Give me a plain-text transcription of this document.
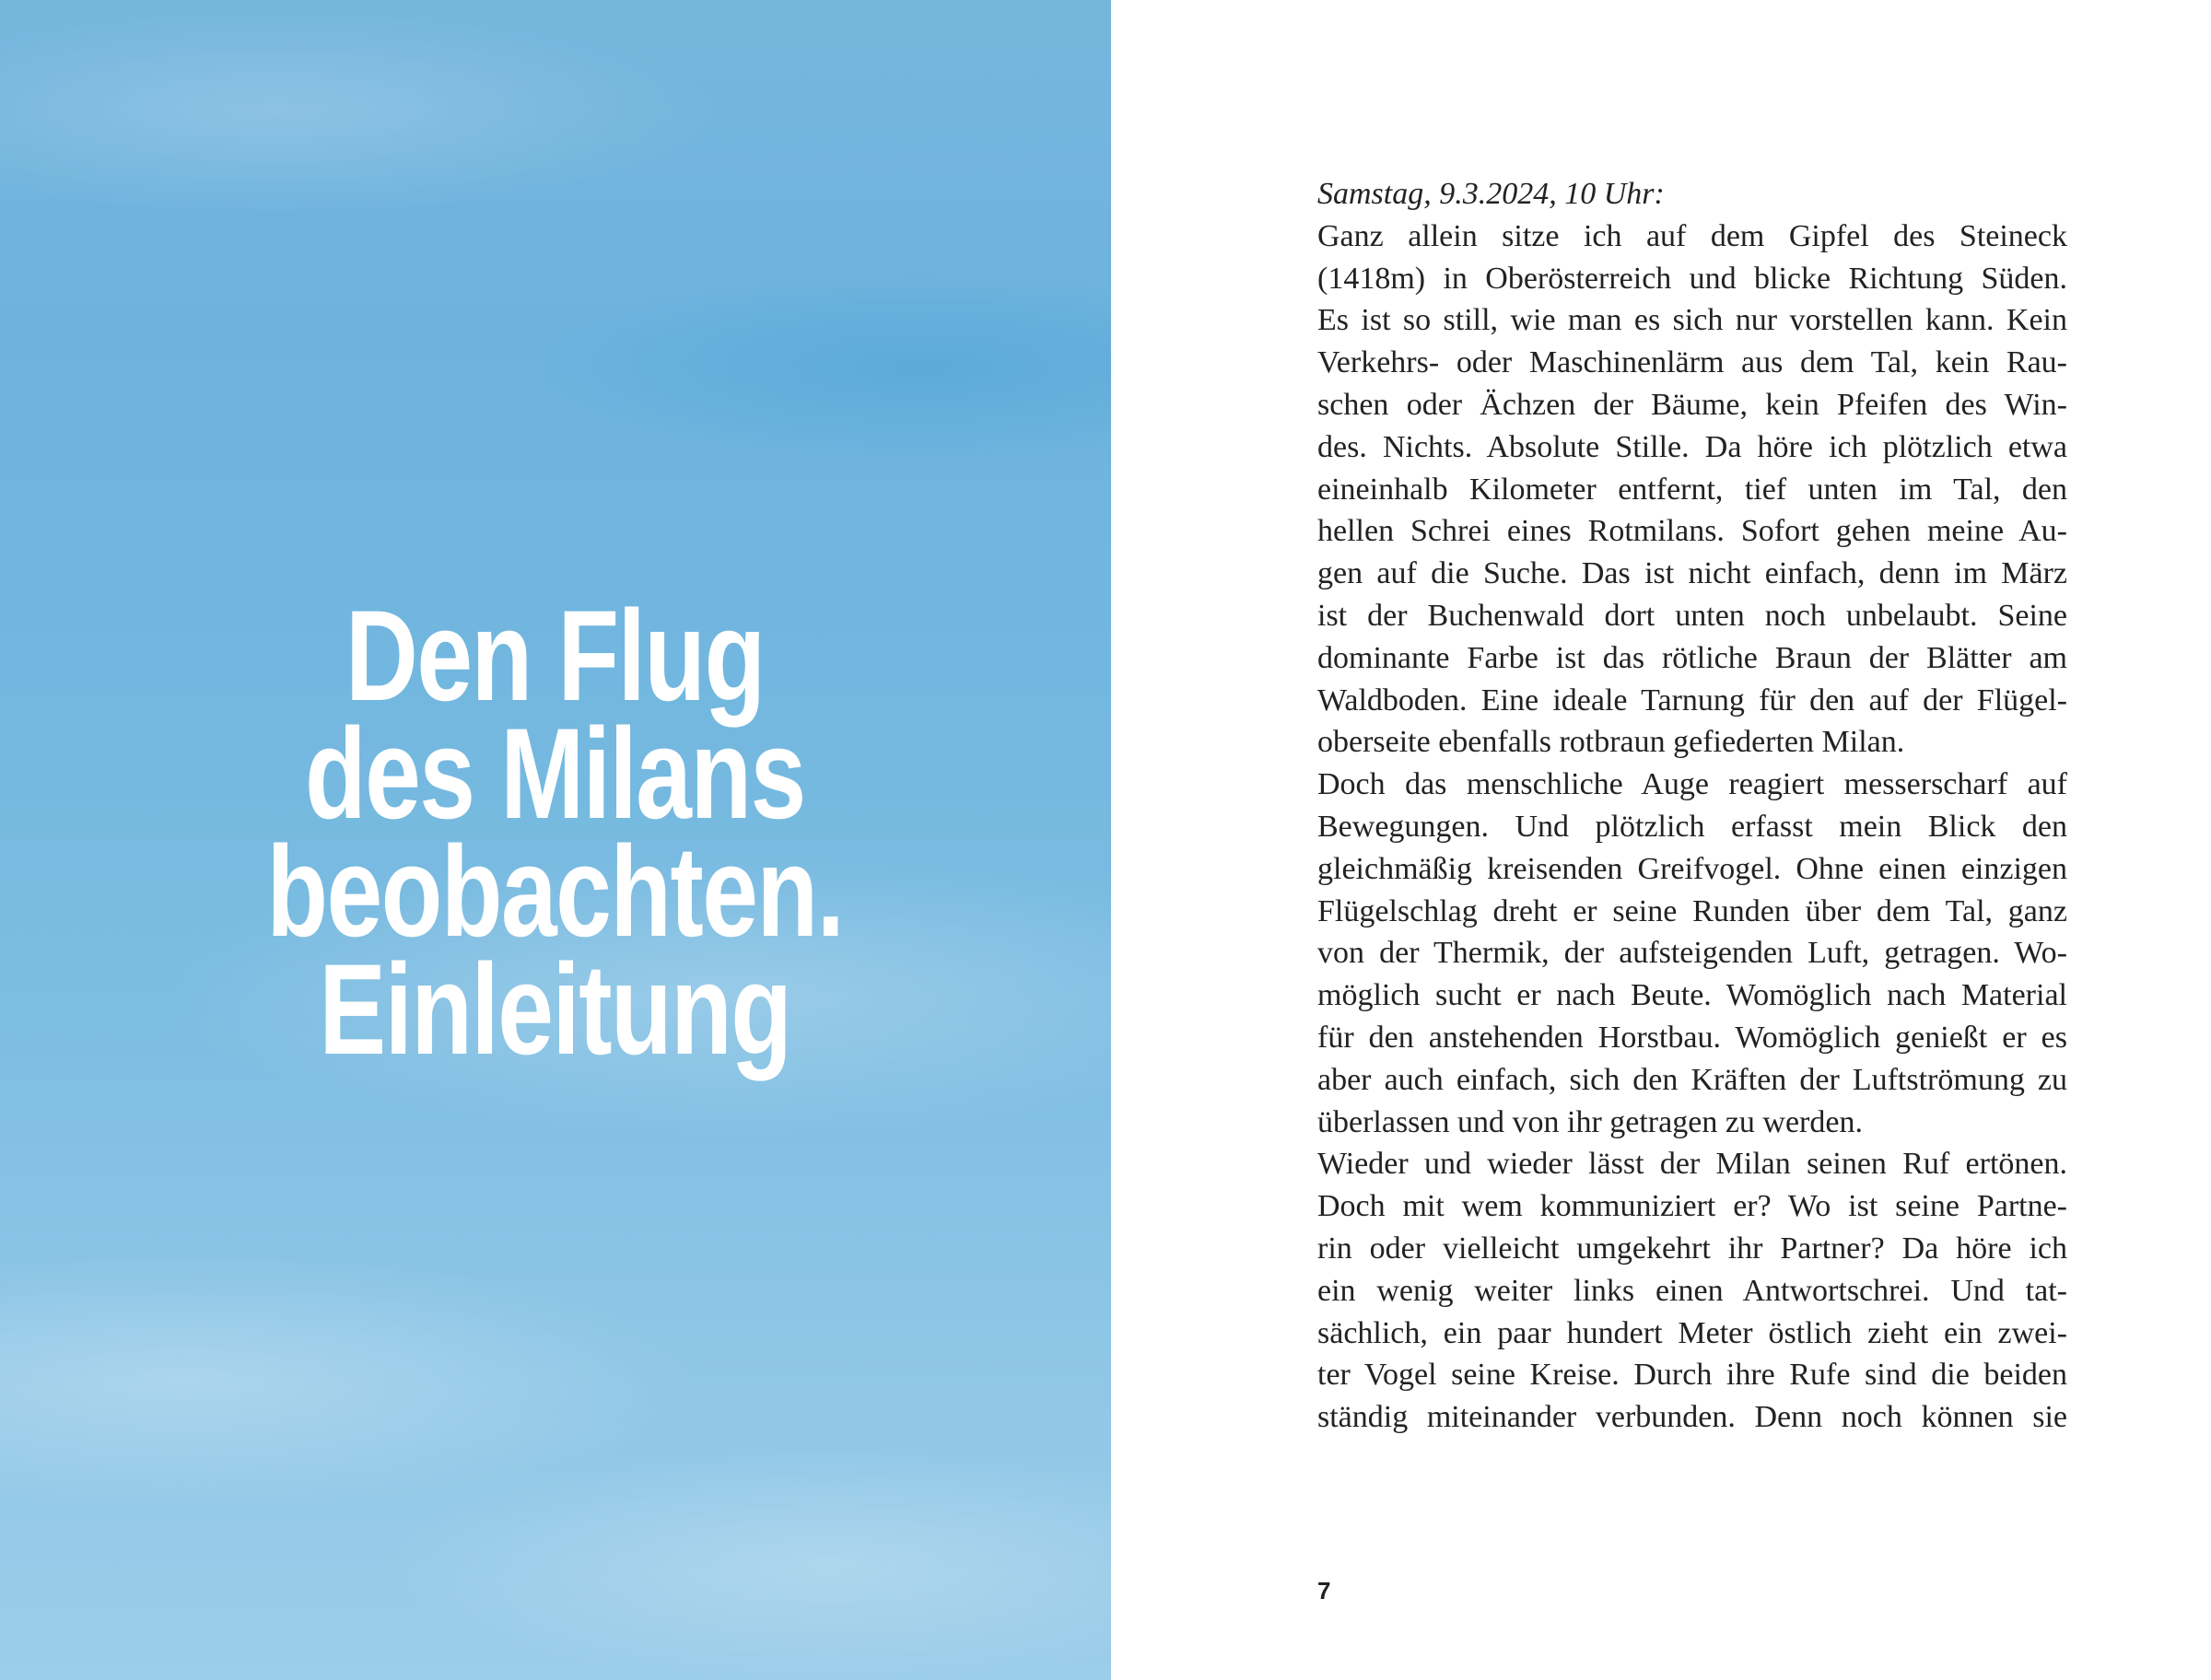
Den Flug
des Milans
beobachten.
Einleitung
Samstag, 9.3.2024, 10 Uhr:
Ganz allein sitze ich auf dem Gipfel des Steineck
(1418m) in Oberösterreich und blicke Richtung Süden.
Es ist so still, wie man es sich nur vorstellen kann. Kein
Verkehrs- oder Maschinenlärm aus dem Tal, kein Rau-
schen oder Ächzen der Bäume, kein Pfeifen des Win-
des. Nichts. Absolute Stille. Da höre ich plötzlich etwa
eineinhalb Kilometer entfernt, tief unten im Tal, den
hellen Schrei eines Rotmilans. Sofort gehen meine Au-
gen auf die Suche. Das ist nicht einfach, denn im März
ist der Buchenwald dort unten noch unbelaubt. Seine
dominante Farbe ist das rötliche Braun der Blätter am
Waldboden. Eine ideale Tarnung für den auf der Flügel-
oberseite ebenfalls rotbraun gefiederten Milan.
Doch das menschliche Auge reagiert messerscharf auf
Bewegungen. Und plötzlich erfasst mein Blick den
gleichmäßig kreisenden Greifvogel. Ohne einen einzigen
Flügelschlag dreht er seine Runden über dem Tal, ganz
von der Thermik, der aufsteigenden Luft, getragen. Wo-
möglich sucht er nach Beute. Womöglich nach Material
für den anstehenden Horstbau. Womöglich genießt er es
aber auch einfach, sich den Kräften der Luftströmung zu
überlassen und von ihr getragen zu werden.
Wieder und wieder lässt der Milan seinen Ruf ertönen.
Doch mit wem kommuniziert er? Wo ist seine Partne-
rin oder vielleicht umgekehrt ihr Partner? Da höre ich
ein wenig weiter links einen Antwortschrei. Und tat-
sächlich, ein paar hundert Meter östlich zieht ein zwei-
ter Vogel seine Kreise. Durch ihre Rufe sind die beiden
ständig miteinander verbunden. Denn noch können sie
7
